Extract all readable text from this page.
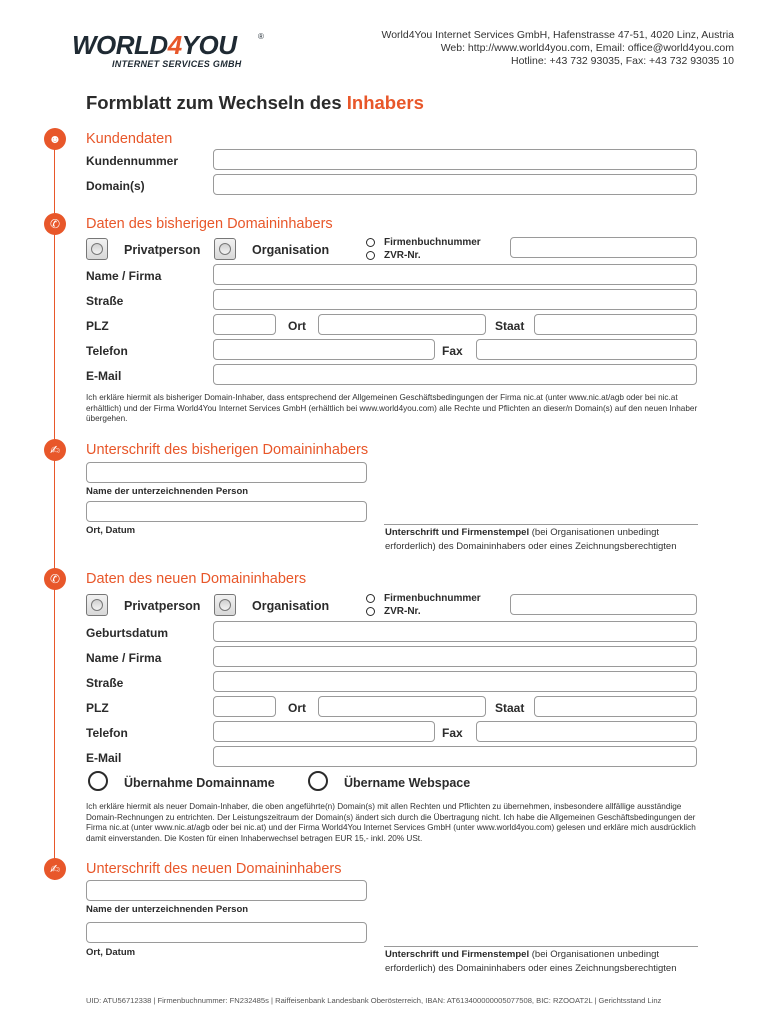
WORLD4YOU	®
INTERNET SERVICES GMBH
World4You Internet Services GmbH, Hafenstrasse 47-51, 4020 Linz, Austria
Web: http://www.world4you.com, Email: office@world4you.com
Hotline: +43 732 93035, Fax: +43 732 93035 10
Formblatt zum Wechseln des Inhabers
☻	Kundendaten
Kundennummer
Domain(s)
✆	Daten des bisherigen Domaininhabers
Privatperson	Organisation
Firmenbuchnummer
ZVR-Nr.
Name / Firma
Straße
PLZ	Ort	Staat
Telefon	Fax
E-Mail
Ich erkläre hiermit als bisheriger Domain-Inhaber, dass entsprechend der Allgemeinen Geschäftsbedingungen der Firma nic.at (unter www.nic.at/agb oder bei nic.at erhältlich) und der Firma World4You Internet Services GmbH (erhältlich bei www.world4you.com) alle Rechte und Pflichten an dieser/n Domain(s) auf den neuen Inhaber übergehen.
✍	Unterschrift des bisherigen Domaininhabers
Name der unterzeichnenden Person
Ort, Datum	Unterschrift und Firmenstempel (bei Organisationen unbedingt
erforderlich) des Domaininhabers oder eines Zeichnungsberechtigten
✆	Daten des neuen Domaininhabers
Privatperson	Organisation
Firmenbuchnummer
ZVR-Nr.
Geburtsdatum
Name / Firma
Straße
PLZ	Ort	Staat
Telefon	Fax
E-Mail
Übernahme Domainname	Übername Webspace
Ich erkläre hiermit als neuer Domain-Inhaber, die oben angeführte(n) Domain(s) mit allen Rechten und Pflichten zu übernehmen, insbesondere allfällige ausständige Domain-Rechnungen zu entrichten. Der Leistungszeitraum der Domain(s) ändert sich durch die Übertragung nicht. Ich habe die Allgemeinen Geschäftsbedingungen der Firma nic.at (unter www.nic.at/agb oder bei nic.at) und der Firma World4You Internet Services GmbH (unter www.world4you.com) gelesen und erkläre mich ausdrücklich damit einverstanden. Die Kosten für einen Inhaberwechsel betragen EUR 15,- inkl. 20% USt.
✍	Unterschrift des neuen Domaininhabers
Name der unterzeichnenden Person
Ort, Datum	Unterschrift und Firmenstempel (bei Organisationen unbedingt
erforderlich) des Domaininhabers oder eines Zeichnungsberechtigten
UID: ATU56712338 | Firmenbuchnummer: FN232485s | Raiffeisenbank Landesbank Oberösterreich, IBAN: AT613400000005077508, BIC: RZOOAT2L | Gerichtsstand Linz
